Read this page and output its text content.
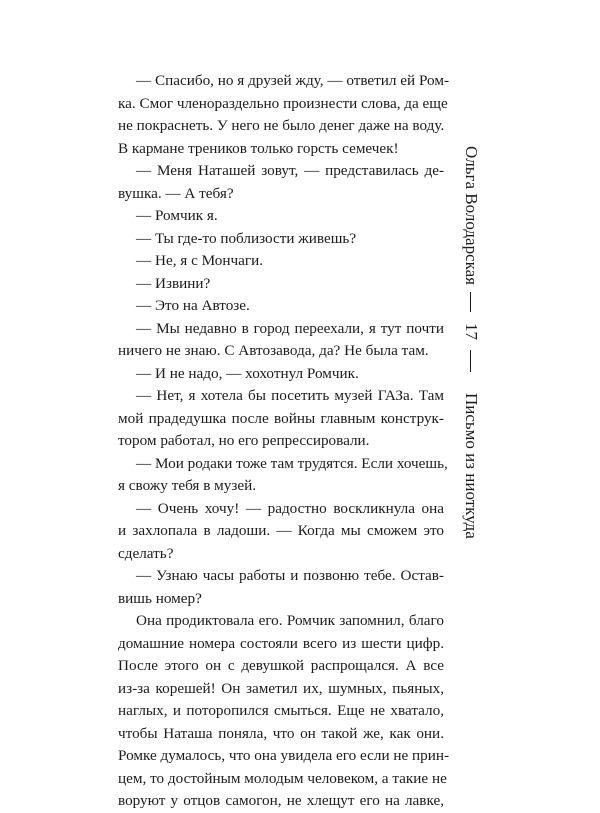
— Спасибо, но я друзей жду, — ответил ей Ром-
ка. Смог членораздельно произнести слова, да еще
не покраснеть. У него не было денег даже на воду.
В кармане треников только горсть семечек!
— Меня Наташей зовут, — представилась де-
вушка. — А тебя?
— Ромчик я.
— Ты где-то поблизости живешь?
— Не, я с Мончаги.
— Извини?
— Это на Автозе.
— Мы недавно в город переехали, я тут почти
ничего не знаю. С Автозавода, да? Не была там.
— И не надо, — хохотнул Ромчик.
— Нет, я хотела бы посетить музей ГАЗа. Там
мой прадедушка после войны главным конструк-
тором работал, но его репрессировали.
— Мои родаки тоже там трудятся. Если хочешь,
я свожу тебя в музей.
— Очень хочу! — радостно воскликнула она
и захлопала в ладоши. — Когда мы сможем это
сделать?
— Узнаю часы работы и позвоню тебе. Остав-
вишь номер?
Она продиктовала его. Ромчик запомнил, благо
домашние номера состояли всего из шести цифр.
После этого он с девушкой распрощался. А все
из-за корешей! Он заметил их, шумных, пьяных,
наглых, и поторопился смыться. Еще не хватало,
чтобы Наташа поняла, что он такой же, как они.
Ромке думалось, что она увидела его если не прин-
цем, то достойным молодым человеком, а такие не
воруют у отцов самогон, не хлещут его на лавке,
Ольга Володарская
17
Письмо из ниоткуда
